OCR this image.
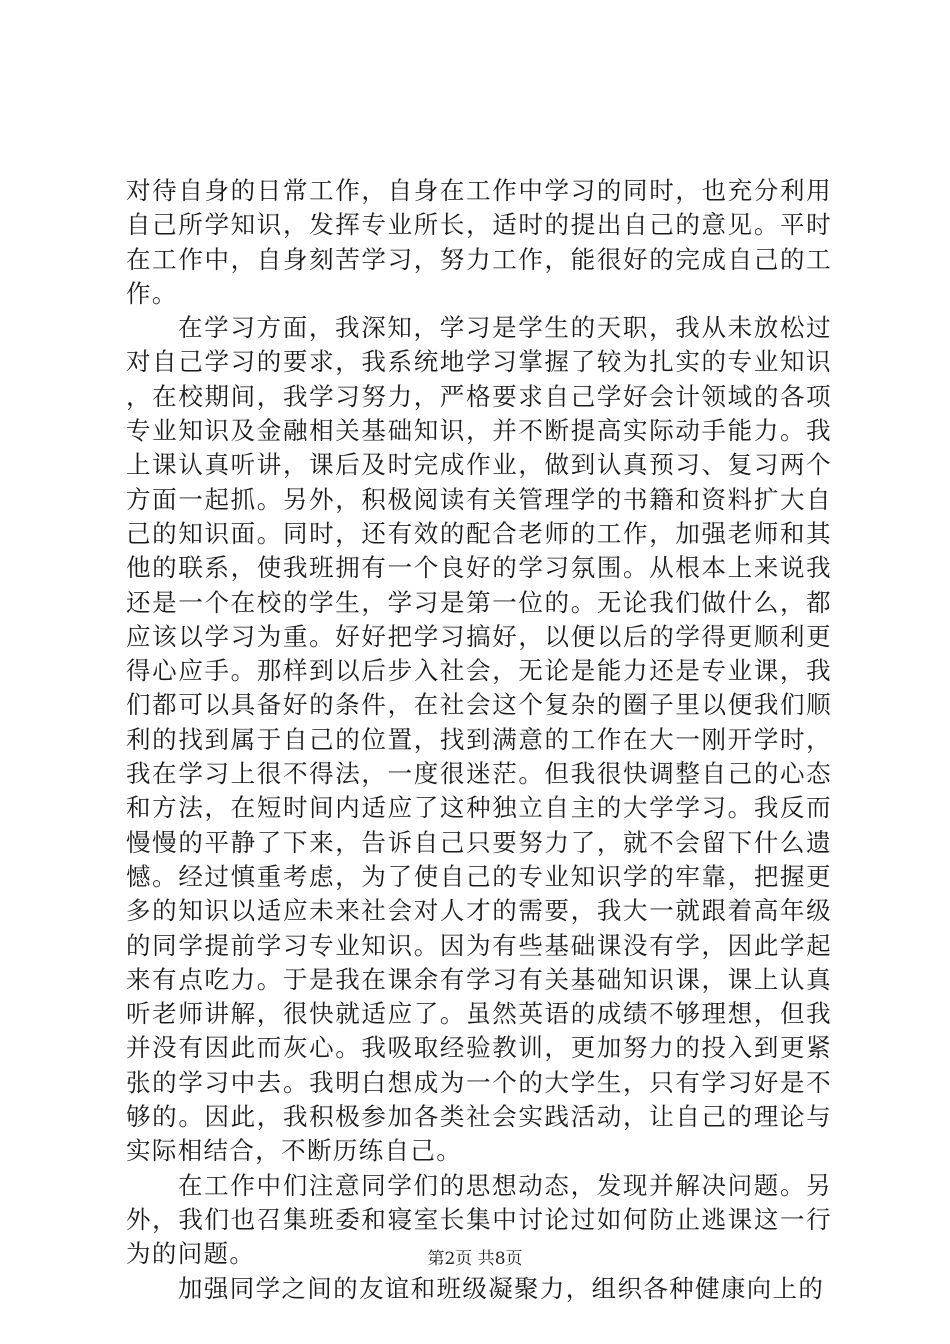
对待自身的日常工作，自身在工作中学习的同时，也充分利用自己所学知识，发挥专业所长，适时的提出自己的意见。平时在工作中，自身刻苦学习，努力工作，能很好的完成自己的工作。

在学习方面，我深知，学习是学生的天职，我从未放松过对自己学习的要求，我系统地学习掌握了较为扎实的专业知识，在校期间，我学习努力，严格要求自己学好会计领域的各项专业知识及金融相关基础知识，并不断提高实际动手能力。我上课认真听讲，课后及时完成作业，做到认真预习、复习两个方面一起抓。另外，积极阅读有关管理学的书籍和资料扩大自己的知识面。同时，还有效的配合老师的工作，加强老师和其他的联系，使我班拥有一个良好的学习氛围。从根本上来说我还是一个在校的学生，学习是第一位的。无论我们做什么，都应该以学习为重。好好把学习搞好，以便以后的学得更顺利更得心应手。那样到以后步入社会，无论是能力还是专业课，我们都可以具备好的条件，在社会这个复杂的圈子里以便我们顺利的找到属于自己的位置，找到满意的工作在大一刚开学时，我在学习上很不得法，一度很迷茫。但我很快调整自己的心态和方法，在短时间内适应了这种独立自主的大学学习。我反而慢慢的平静了下来，告诉自己只要努力了，就不会留下什么遗憾。经过慎重考虑，为了使自己的专业知识学的牢靠，把握更多的知识以适应未来社会对人才的需要，我大一就跟着高年级的同学提前学习专业知识。因为有些基础课没有学，因此学起来有点吃力。于是我在课余有学习有关基础知识课，课上认真听老师讲解，很快就适应了。虽然英语的成绩不够理想，但我并没有因此而灰心。我吸取经验教训，更加努力的投入到更紧张的学习中去。我明白想成为一个的大学生，只有学习好是不够的。因此，我积极参加各类社会实践活动，让自己的理论与实际相结合，不断历练自己。

在工作中们注意同学们的思想动态，发现并解决问题。另外，我们也召集班委和寝室长集中讨论过如何防止逃课这一行为的问题。

加强同学之间的友谊和班级凝聚力，组织各种健康向上的

第2页 共8页
